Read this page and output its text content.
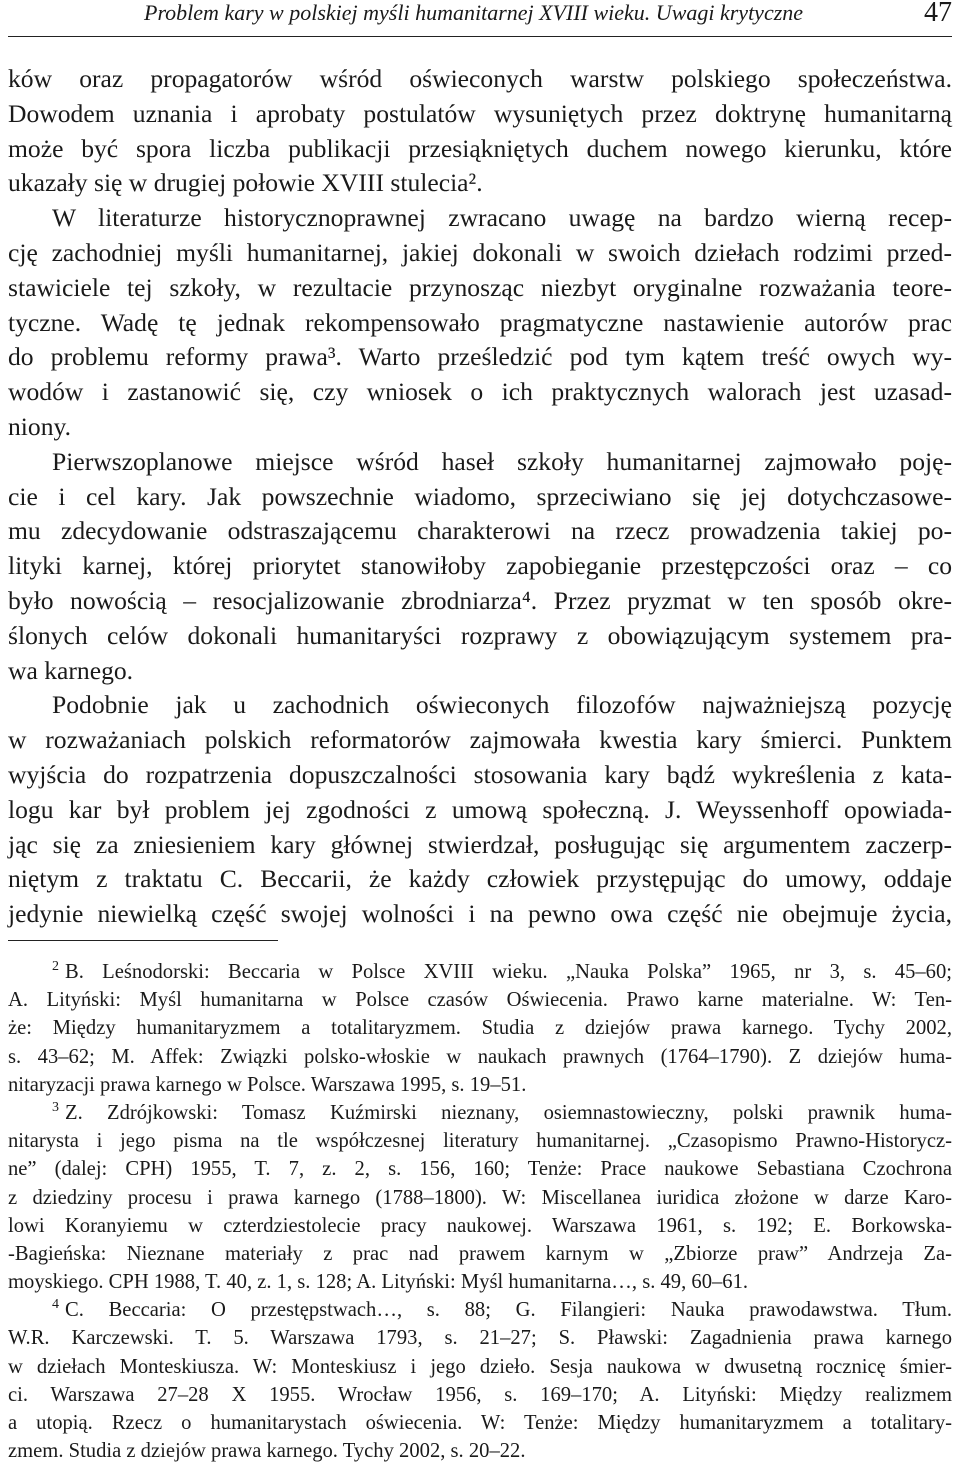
Problem kary w polskiej myśli humanitarnej XVIII wieku. Uwagi krytyczne	47
ków oraz propagatorów wśród oświeconych warstw polskiego społeczeństwa.
Dowodem uznania i aprobaty postulatów wysuniętych przez doktrynę humanitarną
może być spora liczba publikacji przesiąkniętych duchem nowego kierunku, które
ukazały się w drugiej połowie XVIII stulecia².
W literaturze historycznoprawnej zwracano uwagę na bardzo wierną recep-
cję zachodniej myśli humanitarnej, jakiej dokonali w swoich dziełach rodzimi przed-
stawiciele tej szkoły, w rezultacie przynosząc niezbyt oryginalne rozważania teore-
tyczne. Wadę tę jednak rekompensowało pragmatyczne nastawienie autorów prac
do problemu reformy prawa³. Warto prześledzić pod tym kątem treść owych wy-
wodów i zastanowić się, czy wniosek o ich praktycznych walorach jest uzasad-
niony.
Pierwszoplanowe miejsce wśród haseł szkoły humanitarnej zajmowało poję-
cie i cel kary. Jak powszechnie wiadomo, sprzeciwiano się jej dotychczasowe-
mu zdecydowanie odstraszającemu charakterowi na rzecz prowadzenia takiej po-
lityki karnej, której priorytet stanowiłoby zapobieganie przestępczości oraz – co
było nowością – resocjalizowanie zbrodniarza⁴. Przez pryzmat w ten sposób okre-
ślonych celów dokonali humanitaryści rozprawy z obowiązującym systemem pra-
wa karnego.
Podobnie jak u zachodnich oświeconych filozofów najważniejszą pozycję
w rozważaniach polskich reformatorów zajmowała kwestia kary śmierci. Punktem
wyjścia do rozpatrzenia dopuszczalności stosowania kary bądź wykreślenia z kata-
logu kar był problem jej zgodności z umową społeczną. J. Weyssenhoff opowiada-
jąc się za zniesieniem kary głównej stwierdzał, posługując się argumentem zaczerp-
niętym z traktatu C. Beccarii, że każdy człowiek przystępując do umowy, oddaje
jedynie niewielką część swojej wolności i na pewno owa część nie obejmuje życia,
$^2$ B. Leśnodorski: Beccaria w Polsce XVIII wieku. „Nauka Polska” 1965, nr 3, s. 45–60;
A. Lityński: Myśl humanitarna w Polsce czasów Oświecenia. Prawo karne materialne. W: Ten-
że: Między humanitaryzmem a totalitaryzmem. Studia z dziejów prawa karnego. Tychy 2002,
s. 43–62; M. Affek: Związki polsko-włoskie w naukach prawnych (1764–1790). Z dziejów huma-
nitaryzacji prawa karnego w Polsce. Warszawa 1995, s. 19–51.
$^3$ Z. Zdrójkowski: Tomasz Kuźmirski nieznany, osiemnastowieczny, polski prawnik huma-
nitarysta i jego pisma na tle współczesnej literatury humanitarnej. „Czasopismo Prawno-Historycz-
ne” (dalej: CPH) 1955, T. 7, z. 2, s. 156, 160; Tenże: Prace naukowe Sebastiana Czochrona
z dziedziny procesu i prawa karnego (1788–1800). W: Miscellanea iuridica złożone w darze Karo-
lowi Koranyiemu w czterdziestolecie pracy naukowej. Warszawa 1961, s. 192; E. Borkowska-
-Bagieńska: Nieznane materiały z prac nad prawem karnym w „Zbiorze praw” Andrzeja Za-
moyskiego. CPH 1988, T. 40, z. 1, s. 128; A. Lityński: Myśl humanitarna…, s. 49, 60–61.
$^4$ C. Beccaria: O przestępstwach…, s. 88; G. Filangieri: Nauka prawodawstwa. Tłum.
W.R. Karczewski. T. 5. Warszawa 1793, s. 21–27; S. Pławski: Zagadnienia prawa karnego
w dziełach Monteskiusza. W: Monteskiusz i jego dzieło. Sesja naukowa w dwusetną rocznicę śmier-
ci. Warszawa 27–28 X 1955. Wrocław 1956, s. 169–170; A. Lityński: Między realizmem
a utopią. Rzecz o humanitarystach oświecenia. W: Tenże: Między humanitaryzmem a totalitary-
zmem. Studia z dziejów prawa karnego. Tychy 2002, s. 20–22.
